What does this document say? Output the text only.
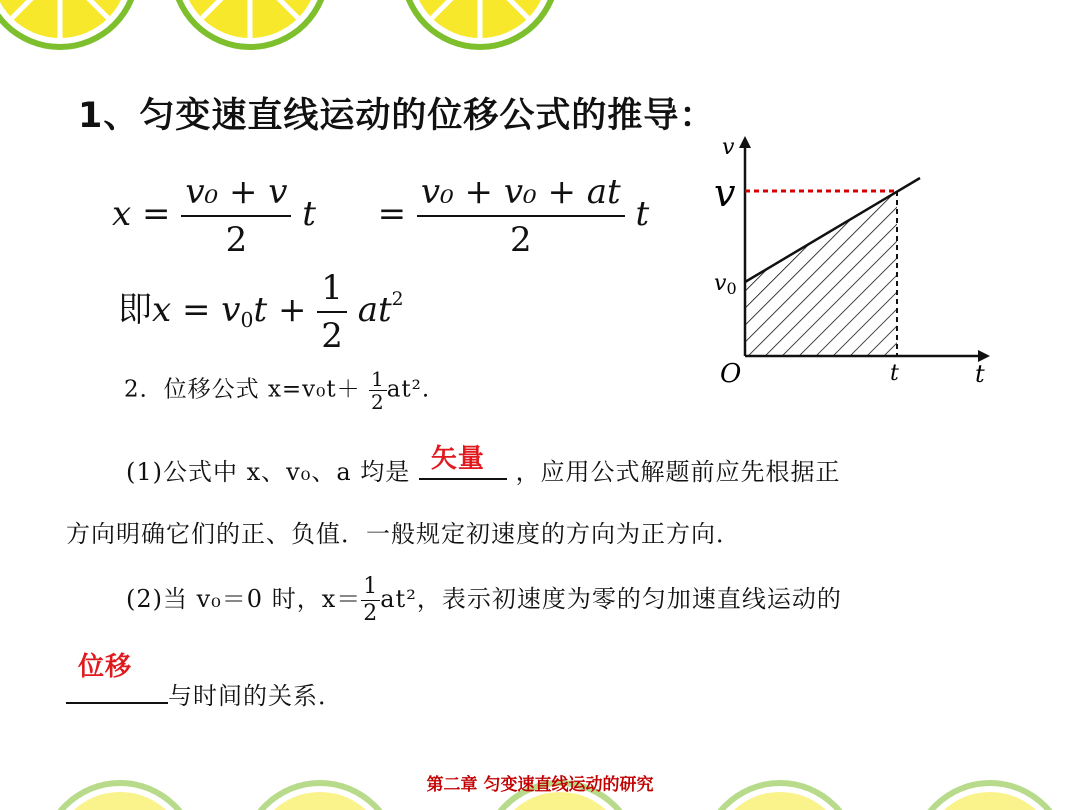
1、匀变速直线运动的位移公式的推导：
$x = \frac{\text{v₀ + v}}{2}$ $t = \frac{\text{v₀ + v₀ + at}}{2}$ t
即$x = v_0t + \frac{1}{2} at^2$
2．位移公式 $x=v_0t+ \frac{1}{2} at^2$.
(1)公式中 x、v₀、a 均是 矢量 ，应用公式解题前应先根据正
方向明确它们的正、负值．一般规定初速度的方向为正方向．
(2)当 v₀＝0 时，$x= \frac{1}{2} at^2$，表示初速度为零的匀加速直线运动的
位移
与时间的关系．
v
v
v0
O	t	t
第二章 匀变速直线运动的研究
